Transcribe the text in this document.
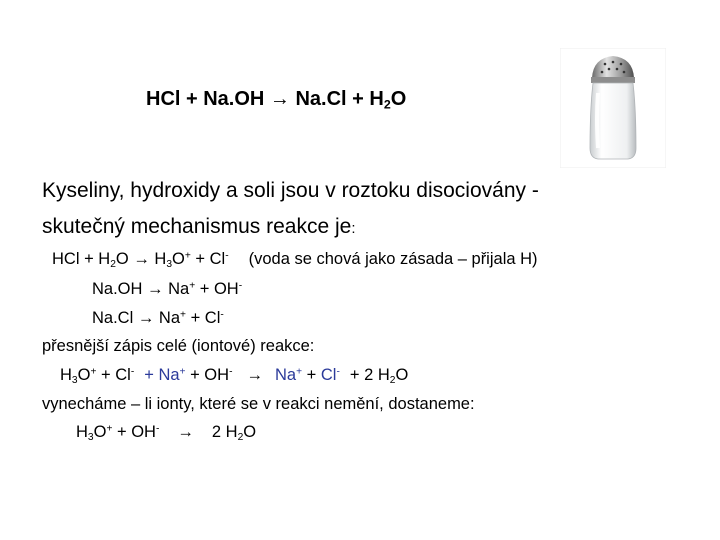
HCl + $Na.OH \to Na.Cl + H_2O$
Kyseliny, hydroxidy a soli jsou v roztoku disociovány -
skutečný mechanismus reakce je:
HCl + $H_2O \to H_3O^+ + Cl^-$ (voda se chová jako zásada – přijala H)
Na.OH → Na+ + OH-
Na.Cl → Na+ + Cl-
přesnější zápis celé (iontové) reakce:
$H_3O^+ + Cl^- + Na^+ + OH^- \to Na^+ + Cl^- + 2$ $H_2O$
vynecháme – li ionty, které se v reakci nemění, dostaneme:
$H_3O^+ + OH^- \to 2$ $H_2O$
